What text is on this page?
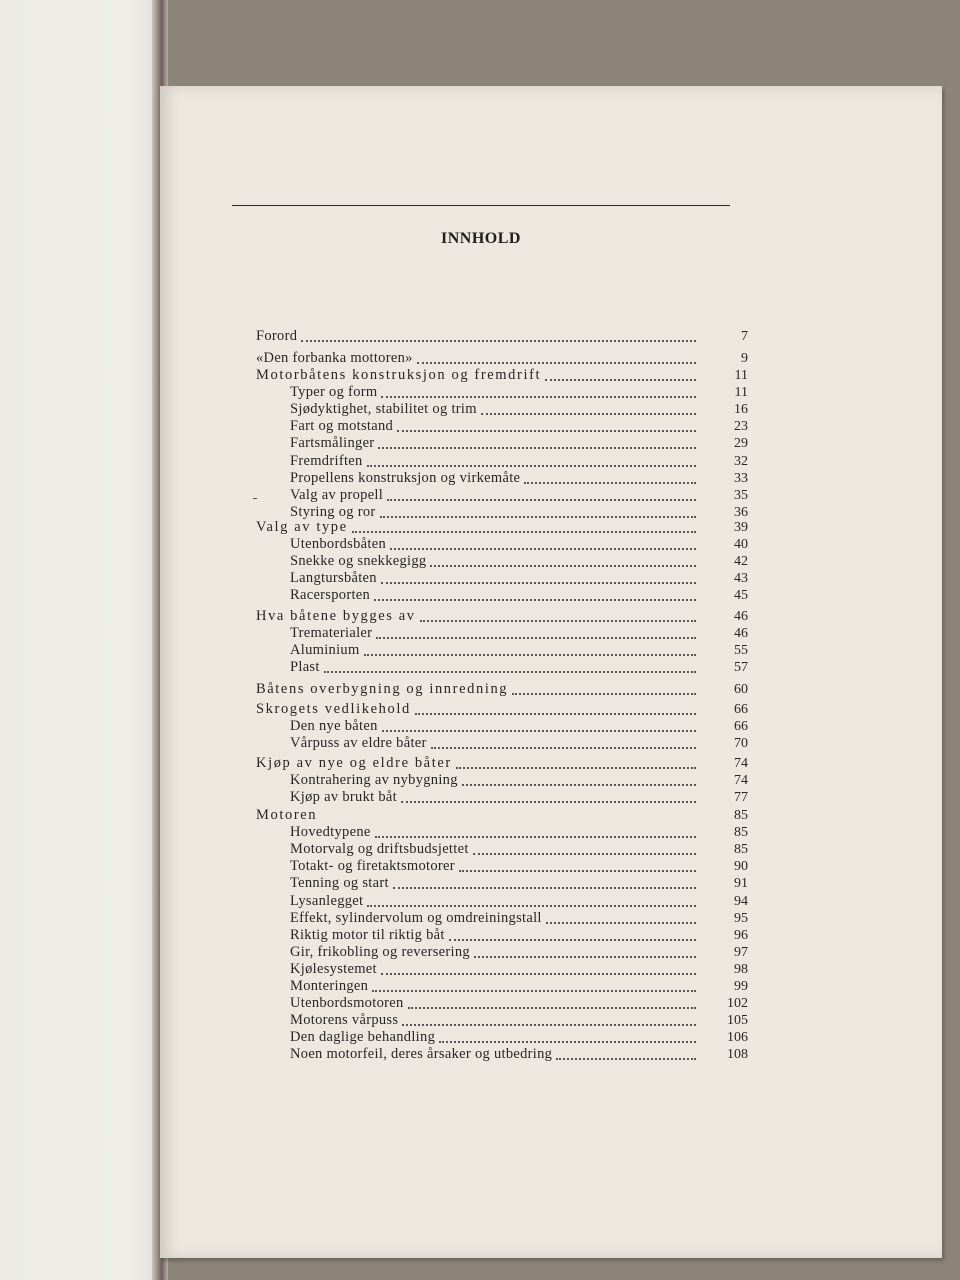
INNHOLD
Forord	7
«Den forbanka mottoren»	9
Motorbåtens konstruksjon og fremdrift	11
Typer og form	11
Sjødyktighet, stabilitet og trim	16
Fart og motstand	23
Fartsmålinger	29
Fremdriften	32
Propellens konstruksjon og virkemåte	33
Valg av propell	35
Styring og ror	36
Valg av type	39
Utenbordsbåten	40
Snekke og snekkegigg	42
Langtursbåten	43
Racersporten	45
Hva båtene bygges av	46
Trematerialer	46
Aluminium	55
Plast	57
Båtens overbygning og innredning	60
Skrogets vedlikehold	66
Den nye båten	66
Vårpuss av eldre båter	70
Kjøp av nye og eldre båter	74
Kontrahering av nybygning	74
Kjøp av brukt båt	77
Motoren	85
Hovedtypene	85
Motorvalg og driftsbudsjettet	85
Totakt- og firetaktsmotorer	90
Tenning og start	91
Lysanlegget	94
Effekt, sylindervolum og omdreiningstall	95
Riktig motor til riktig båt	96
Gir, frikobling og reversering	97
Kjølesystemet	98
Monteringen	99
Utenbordsmotoren	102
Motorens vårpuss	105
Den daglige behandling	106
Noen motorfeil, deres årsaker og utbedring	108
